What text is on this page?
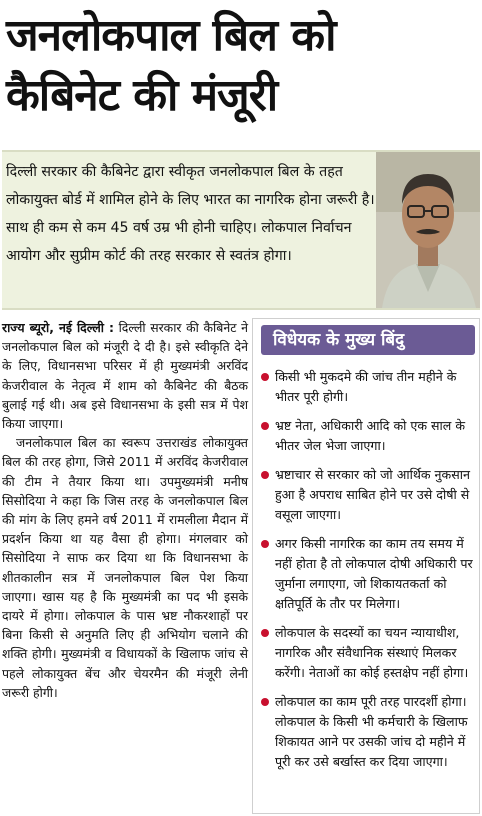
जनलोकपाल बिल को
कैबिनेट की मंजूरी
दिल्ली सरकार की कैबिनेट द्वारा स्वीकृत जनलोकपाल बिल के तहत लोकायुक्त बोर्ड में शामिल होने के लिए भारत का नागरिक होना जरूरी है। साथ ही कम से कम 45 वर्ष उम्र भी होनी चाहिए। लोकपाल निर्वाचन आयोग और सुप्रीम कोर्ट की तरह सरकार से स्वतंत्र होगा।

राज्य ब्यूरो, नई दिल्ली : दिल्ली सरकार की कैबिनेट ने जनलोकपाल बिल को मंजूरी दे दी है। इसे स्वीकृति देने के लिए, विधानसभा परिसर में ही मुख्यमंत्री अरविंद केजरीवाल के नेतृत्व में शाम को कैबिनेट की बैठक बुलाई गई थी। अब इसे विधानसभा के इसी सत्र में पेश किया जाएगा।

जनलोकपाल बिल का स्वरूप उत्तराखंड लोकायुक्त बिल की तरह होगा, जिसे 2011 में अरविंद केजरीवाल की टीम ने तैयार किया था। उपमुख्यमंत्री मनीष सिसोदिया ने कहा कि जिस तरह के जनलोकपाल बिल की मांग के लिए हमने वर्ष 2011 में रामलीला मैदान में प्रदर्शन किया था यह वैसा ही होगा। मंगलवार को सिसोदिया ने साफ कर दिया था कि विधानसभा के शीतकालीन सत्र में जनलोकपाल बिल पेश किया जाएगा। खास यह है कि मुख्यमंत्री का पद भी इसके दायरे में होगा। लोकपाल के पास भ्रष्ट नौकरशाहों पर बिना किसी से अनुमति लिए ही अभियोग चलाने की शक्ति होगी। मुख्यमंत्री व विधायकों के खिलाफ जांच से पहले लोकायुक्त बेंच और चेयरमैन की मंजूरी लेनी जरूरी होगी।

विधेयक के मुख्य बिंदु
किसी भी मुकदमे की जांच तीन महीने के भीतर पूरी होगी।
भ्रष्ट नेता, अधिकारी आदि को एक साल के भीतर जेल भेजा जाएगा।
भ्रष्टाचार से सरकार को जो आर्थिक नुकसान हुआ है अपराध साबित होने पर उसे दोषी से वसूला जाएगा।
अगर किसी नागरिक का काम तय समय में नहीं होता है तो लोकपाल दोषी अधिकारी पर जुर्माना लगाएगा, जो शिकायतकर्ता को क्षतिपूर्ति के तौर पर मिलेगा।
लोकपाल के सदस्यों का चयन न्यायाधीश, नागरिक और संवैधानिक संस्थाएं मिलकर करेंगी। नेताओं का कोई हस्तक्षेप नहीं होगा।
लोकपाल का काम पूरी तरह पारदर्शी होगा। लोकपाल के किसी भी कर्मचारी के खिलाफ शिकायत आने पर उसकी जांच दो महीने में पूरी कर उसे बर्खास्त कर दिया जाएगा।
